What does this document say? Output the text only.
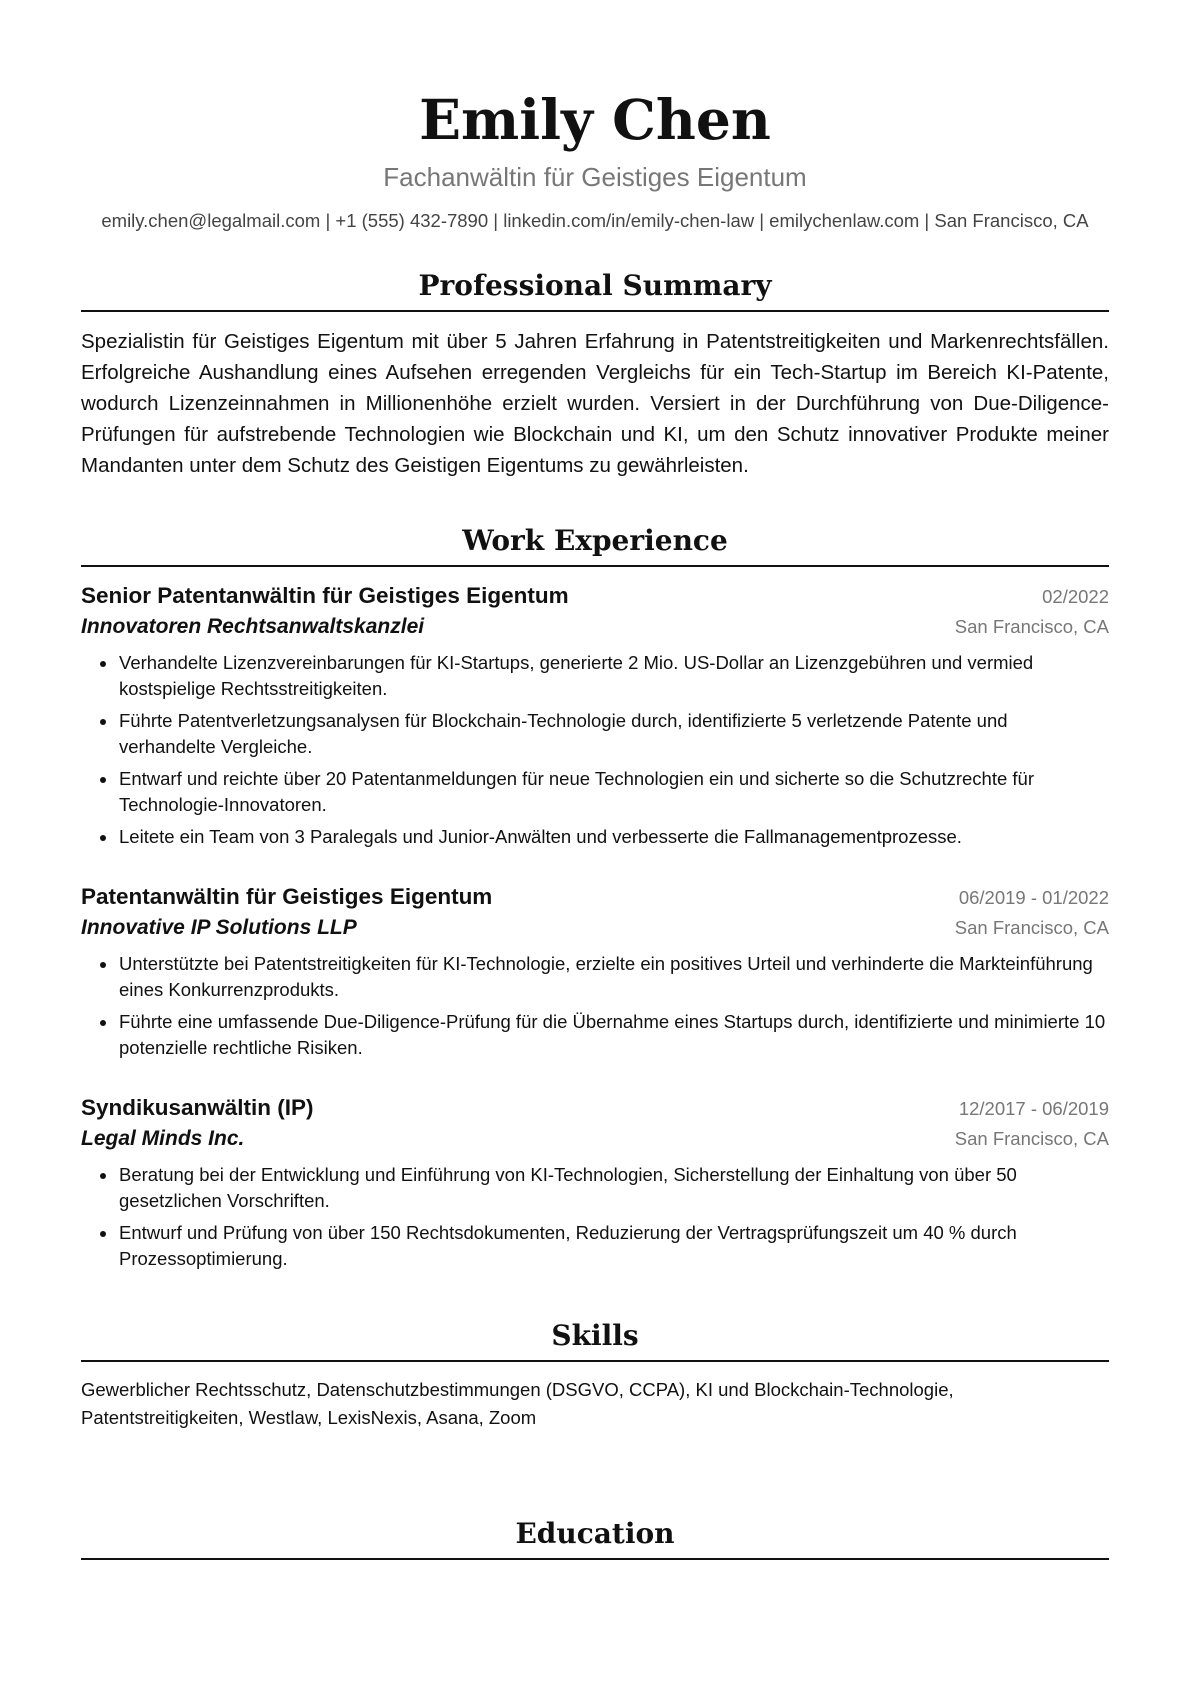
Emily Chen
Fachanwältin für Geistiges Eigentum
emily.chen@legalmail.com | +1 (555) 432-7890 | linkedin.com/in/emily-chen-law | emilychenlaw.com | San Francisco, CA
Professional Summary
Spezialistin für Geistiges Eigentum mit über 5 Jahren Erfahrung in Patentstreitigkeiten und Markenrechtsfällen. Erfolgreiche Aushandlung eines Aufsehen erregenden Vergleichs für ein Tech-Startup im Bereich KI-Patente, wodurch Lizenzeinnahmen in Millionenhöhe erzielt wurden. Versiert in der Durchführung von Due-Diligence-Prüfungen für aufstrebende Technologien wie Blockchain und KI, um den Schutz innovativer Produkte meiner Mandanten unter dem Schutz des Geistigen Eigentums zu gewährleisten.
Work Experience
Senior Patentanwältin für Geistiges Eigentum	02/2022
Innovatoren Rechtsanwaltskanzlei	San Francisco, CA
• Verhandelte Lizenzvereinbarungen für KI-Startups, generierte 2 Mio. US-Dollar an Lizenzgebühren und vermied kostspielige Rechtsstreitigkeiten.
• Führte Patentverletzungsanalysen für Blockchain-Technologie durch, identifizierte 5 verletzende Patente und verhandelte Vergleiche.
• Entwarf und reichte über 20 Patentanmeldungen für neue Technologien ein und sicherte so die Schutzrechte für Technologie-Innovatoren.
• Leitete ein Team von 3 Paralegals und Junior-Anwälten und verbesserte die Fallmanagementprozesse.
Patentanwältin für Geistiges Eigentum	06/2019 - 01/2022
Innovative IP Solutions LLP	San Francisco, CA
• Unterstützte bei Patentstreitigkeiten für KI-Technologie, erzielte ein positives Urteil und verhinderte die Markteinführung eines Konkurrenzprodukts.
• Führte eine umfassende Due-Diligence-Prüfung für die Übernahme eines Startups durch, identifizierte und minimierte 10 potenzielle rechtliche Risiken.
Syndikusanwältin (IP)	12/2017 - 06/2019
Legal Minds Inc.	San Francisco, CA
• Beratung bei der Entwicklung und Einführung von KI-Technologien, Sicherstellung der Einhaltung von über 50 gesetzlichen Vorschriften.
• Entwurf und Prüfung von über 150 Rechtsdokumenten, Reduzierung der Vertragsprüfungszeit um 40 % durch Prozessoptimierung.
Skills
Gewerblicher Rechtsschutz, Datenschutzbestimmungen (DSGVO, CCPA), KI und Blockchain-Technologie, Patentstreitigkeiten, Westlaw, LexisNexis, Asana, Zoom
Education
